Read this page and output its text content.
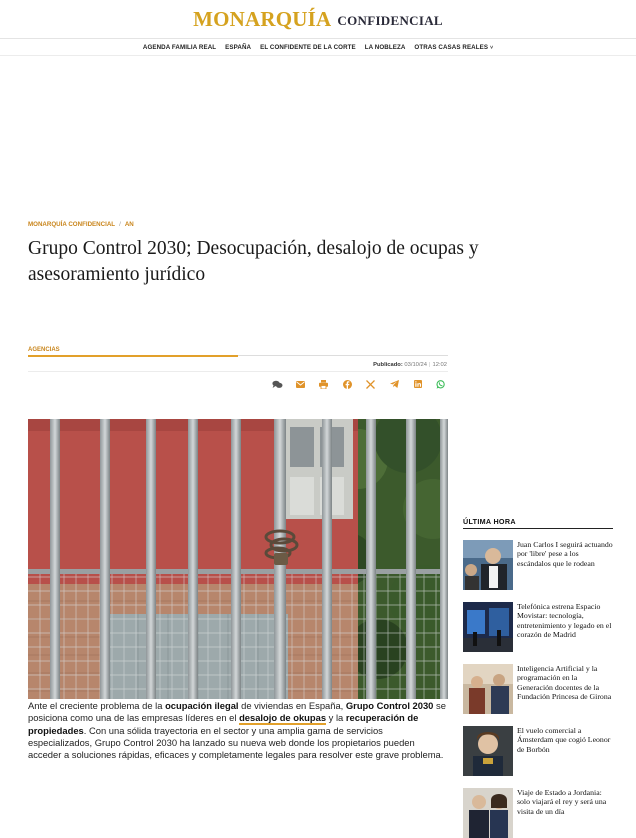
MONARQUÍA CONFIDENCIAL
AGENDA FAMILIA REAL ESPAÑA EL CONFIDENTE DE LA CORTE LA NOBLEZA OTRAS CASAS REALES ˅
MONARQUÍA CONFIDENCIAL / AN
Grupo Control 2030; Desocupación, desalojo de ocupas y asesoramiento jurídico
AGENCIAS
Publicado: 03/10/24 | 12:02

Ante el creciente problema de la ocupación ilegal de viviendas en España, Grupo Control 2030 se posiciona como una de las empresas líderes en el desalojo de okupas y la recuperación de propiedades. Con una sólida trayectoria en el sector y una amplia gama de servicios especializados, Grupo Control 2030 ha lanzado su nueva web donde los propietarios pueden acceder a soluciones rápidas, eficaces y completamente legales para resolver este grave problema.

ÚLTIMA HORA
Juan Carlos I seguirá actuando por 'libre' pese a los escándalos que le rodean
Telefónica estrena Espacio Movistar: tecnología, entretenimiento y legado en el corazón de Madrid
Inteligencia Artificial y la programación en la Generación docentes de la Fundación Princesa de Girona
El vuelo comercial a Ámsterdam que cogió Leonor de Borbón
Viaje de Estado a Jordania: solo viajará el rey y será una visita de un día
